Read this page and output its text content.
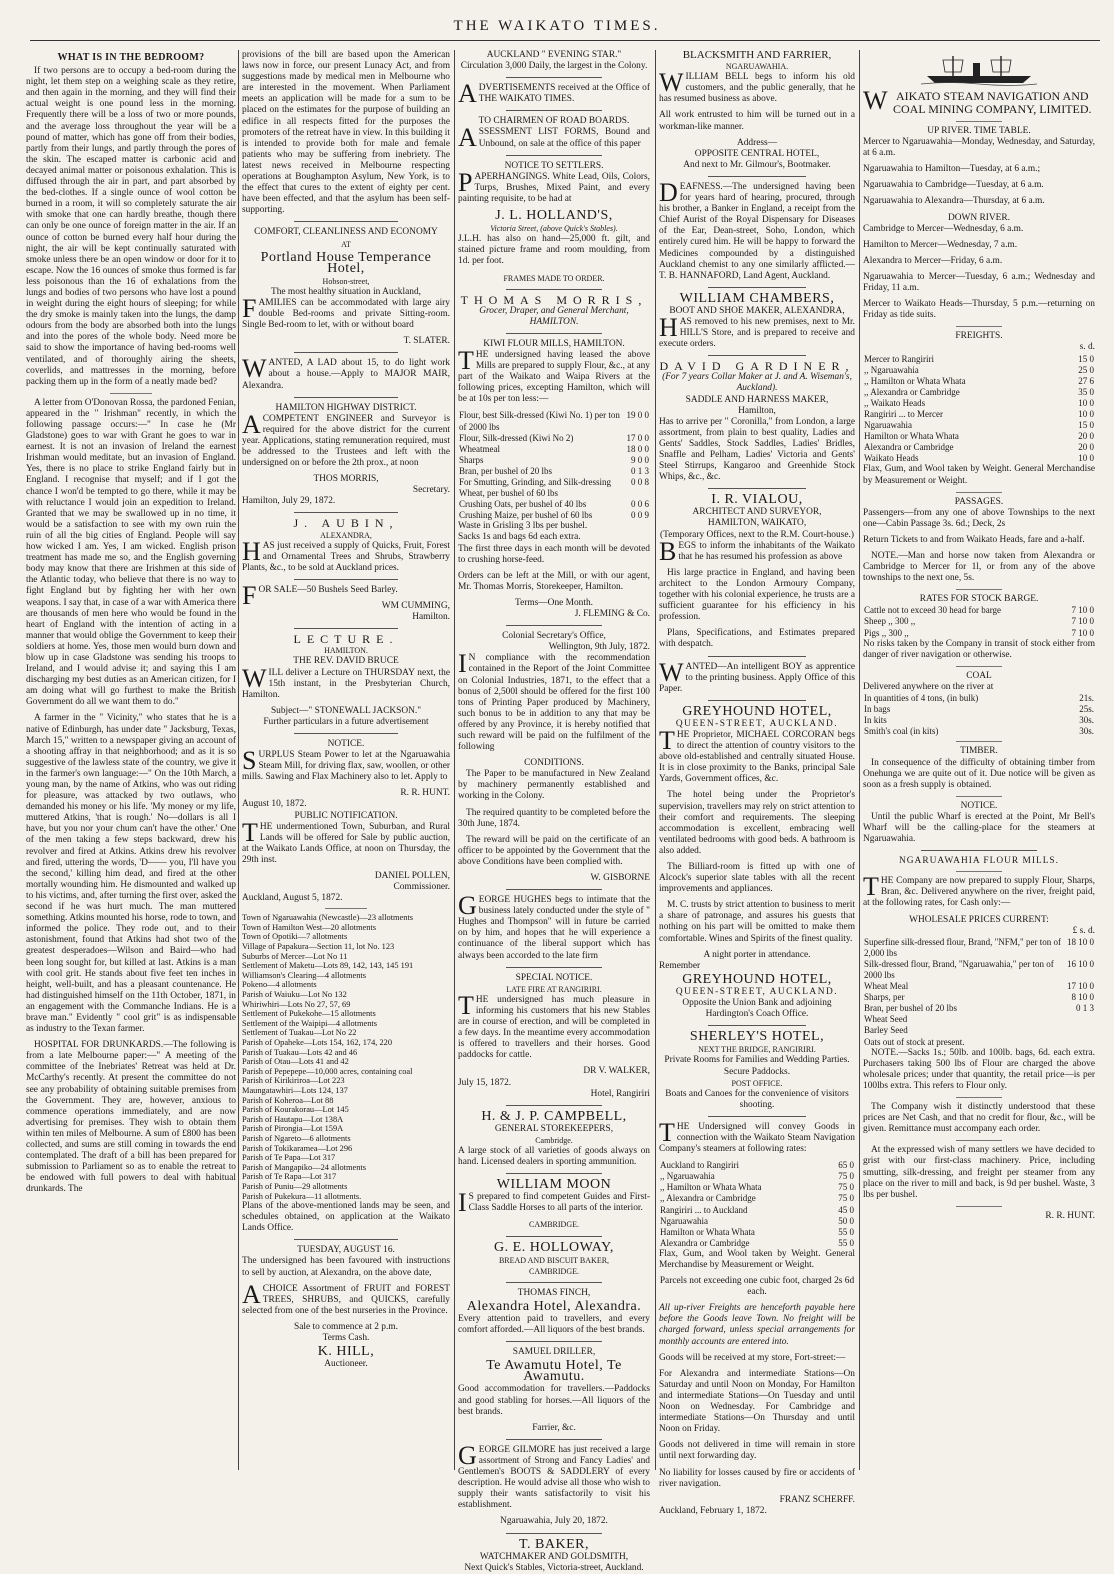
THE WAIKATO TIMES.
WHAT IS IN THE BEDROOM?

If two persons are to occupy a bed-room during the night, let them step on a weighing scale as they retire, and then again in the morning, and they will find their actual weight is one pound less in the morning. Frequently there will be a loss of two or more pounds, and the average loss throughout the year will be a pound of matter, which has gone off from their bodies, partly from their lungs, and partly through the pores of the skin. The escaped matter is carbonic acid and decayed animal matter or poisonous exhalation. This is diffused through the air in part, and part absorbed by the bed-clothes. If a single ounce of wool cotton be burned in a room, it will so completely saturate the air with smoke that one can hardly breathe, though there can only be one ounce of foreign matter in the air. If an ounce of cotton be burned every half hour during the night, the air will be kept continually saturated with smoke unless there be an open window or door for it to escape. Now the 16 ounces of smoke thus formed is far less poisonous than the 16 of exhalations from the lungs and bodies of two persons who have lost a pound in weight during the eight hours of sleeping; for while the dry smoke is mainly taken into the lungs, the damp odours from the body are absorbed both into the lungs and into the pores of the whole body. Need more be said to show the importance of having bed-rooms well ventilated, and of thoroughly airing the sheets, coverlids, and mattresses in the morning, before packing them up in the form of a neatly made bed?

A letter from O'Donovan Rossa, the pardoned Fenian, appeared in the " Irishman" recently, in which the following passage occurs:—" In case he (Mr Gladstone) goes to war with Grant he goes to war in earnest. It is not an invasion of Ireland the earnest Irishman would meditate, but an invasion of England. Yes, there is no place to strike England fairly but in England. I recognise that myself; and if I got the chance I won'd be tempted to go there, while it may be with reluctance I would join an expedition to Ireland. Granted that we may be swallowed up in no time, it would be a satisfaction to see with my own ruin the ruin of all the big cities of England. People will say how wicked I am. Yes, I am wicked. English prison treatment has made me so, and the English governing body may know that there are Irishmen at this side of the Atlantic today, who believe that there is no way to fight England but by fighting her with her own weapons. I say that, in case of a war with America there are thousands of men here who would be found in the heart of England with the intention of acting in a manner that would oblige the Government to keep their soldiers at home. Yes, those men would burn down and blow up in case Gladstone was sending his troops to Ireland, and I would advise it; and saying this I am discharging my best duties as an American citizen, for I am doing what will go furthest to make the British Government do all we want them to do."

A farmer in the " Vicinity," who states that he is a native of Edinburgh, has under date " Jacksburg, Texas, March 15," written to a newspaper giving an account of a shooting affray in that neighborhood; and as it is so suggestive of the lawless state of the country, we give it in the farmer's own language:—" On the 10th March, a young man, by the name of Atkins, who was out riding for pleasure, was attacked by two outlaws, who demanded his money or his life. 'My money or my life, muttered Atkins, 'that is rough.' No—dollars is all I have, but you nor your chum can't have the other.' One of the men taking a few steps backward, drew his revolver and fired at Atkins. Atkins drew his revolver and fired, uttering the words, 'D—— you, I'll have you the second,' killing him dead, and fired at the other mortally wounding him. He dismounted and walked up to his victims, and, after turning the first over, asked the second if he was hurt much. The man muttered something. Atkins mounted his horse, rode to town, and informed the police. They rode out, and to their astonishment, found that Atkins had shot two of the greatest desperadoes—Wilson and Baird—who had been long sought for, but killed at last. Atkins is a man with cool grit. He stands about five feet ten inches in height, well-built, and has a pleasant countenance. He had distinguished himself on the 11th October, 1871, in an engagement with the Commanche Indians. He is a brave man." Evidently " cool grit" is as indispensable as industry to the Texan farmer.

HOSPITAL FOR DRUNKARDS.—The following is from a late Melbourne paper:—" A meeting of the committee of the Inebriates' Retreat was held at Dr. McCarthy's recently. At present the committee do not see any probability of obtaining suitable premises from the Government. They are, however, anxious to commence operations immediately, and are now advertising for premises. They wish to obtain them within ten miles of Melbourne. A sum of £800 has been collected, and sums are still coming in towards the end contemplated. The draft of a bill has been prepared for submission to Parliament so as to enable the retreat to be endowed with full powers to deal with habitual drunkards. The

provisions of the bill are based upon the American laws now in force, our present Lunacy Act, and from suggestions made by medical men in Melbourne who are interested in the movement. When Parliament meets an application will be made for a sum to be placed on the estimates for the purpose of building an edifice in all respects fitted for the purposes the promoters of the retreat have in view. In this building it is intended to provide both for male and female patients who may be suffering from inebriety. The latest news received in Melbourne respecting operations at Boughampton Asylum, New York, is to the effect that cures to the extent of eighty per cent. have been effected, and that the asylum has been self-supporting.

COMFORT, CLEANLINESS AND ECONOMY
AT
Portland House Temperance Hotel,
Hobson-street,
The most healthy situation in Auckland,

FAMILIES can be accommodated with large airy double Bed-rooms and private Sitting-room. Single Bed-room to let, with or without board

T. SLATER.

WANTED, A LAD about 15, to do light work about a house.—Apply to MAJOR MAIR, Alexandra.

HAMILTON HIGHWAY DISTRICT.

ACOMPETENT ENGINEER and Surveyor is required for the above district for the current year. Applications, stating remuneration required, must be addressed to the Trustees and left with the undersigned on or before the 2th prox., at noon

THOS MORRIS,
Secretary.
Hamilton, July 29, 1872.
J. AUBIN,
ALEXANDRA,

HAS just received a supply of Quicks, Fruit, Forest and Ornamental Trees and Shrubs, Strawberry Plants, &c., to be sold at Auckland prices.

FOR SALE—50 Bushels Seed Barley.

WM CUMMING,
Hamilton.
LECTURE.
HAMILTON.
THE REV. DAVID BRUCE

WILL deliver a Lecture on THURSDAY next, the 15th instant, in the Presbyterian Church, Hamilton.

Subject—" STONEWALL JACKSON."
Further particulars in a future advertisement
NOTICE.

SURPLUS Steam Power to let at the Ngaruawahia Steam Mill, for driving flax, saw, woollen, or other mills. Sawing and Flax Machinery also to let. Apply to

R. R. HUNT.
August 10, 1872.
PUBLIC NOTIFICATION.

THE undermentioned Town, Suburban, and Rural Lands will be offered for Sale by public auction, at the Waikato Lands Office, at noon on Thursday, the 29th inst.

DANIEL POLLEN,
Commissioner.
Auckland, August 5, 1872.
Town of Ngaruawahia (Newcastle)—23 allotments
Town of Hamilton West—20 allotments
Town of Opotiki—7 allotments
Village of Papakura—Section 11, lot No. 123
Suburbs of Mercer—Lot No 11
Settlement of Maketu—Lots 89, 142, 143, 145 191
Williamson's Clearing—4 allotments
Pokeno—4 allotments
Parish of Waiuku—Lot No 132
Whiriwhiri—Lots No 27, 57, 69
Settlement of Pukekohe—15 allotments
Settlement of the Waipipi—4 allotments
Settlement of Tuakau—Lot No 22
Parish of Opaheke—Lots 154, 162, 174, 220
Parish of Tuakau—Lots 42 and 46
Parish of Otau—Lots 41 and 42
Parish of Pepepepe—10,000 acres, containing coal
Parish of Kirikiriroa—Lot 223
Maungatawhiri—Lots 124, 137
Parish of Koheroa—Lot 88
Parish of Kourakorau—Lot 145
Parish of Hautapu—Lot 138A
Parish of Pirongia—Lot 159A
Parish of Ngareto—6 allotments
Parish of Tokikaramea—Lot 296
Parish of Te Papa—Lot 317
Parish of Mangapiko—24 allotments
Parish of Te Rapa—Lot 317
Parish of Puniu—29 allotments
Parish of Pukekura—11 allotments.

Plans of the above-mentioned lands may be seen, and schedules obtained, on application at the Waikato Lands Office.

TUESDAY, AUGUST 16.

The undersigned has been favoured with instructions to sell by auction, at Alexandra, on the above date,

ACHOICE Assortment of FRUIT and FOREST TREES, SHRUBS, and QUICKS, carefully selected from one of the best nurseries in the Province.

Sale to commence at 2 p.m.
Terms Cash.
K. HILL,
Auctioneer.
AUCKLAND " EVENING STAR."
Circulation 3,000 Daily, the largest in the Colony.

ADVERTISEMENTS received at the Office of THE WAIKATO TIMES.

TO CHAIRMEN OF ROAD BOARDS.

ASSESSMENT LIST FORMS, Bound and Unbound, on sale at the office of this paper

NOTICE TO SETTLERS.

PAPERHANGINGS. White Lead, Oils, Colors, Turps, Brushes, Mixed Paint, and every painting requisite, to be had at

J. L. HOLLAND'S,
Victoria Street, (above Quick's Stables).

J.L.H. has also on hand—25,000 ft. gilt, and stained picture frame and room moulding, from 1d. per foot.

FRAMES MADE TO ORDER.
THOMAS MORRIS,
Grocer, Draper, and General Merchant, HAMILTON.
KIWI FLOUR MILLS, HAMILTON.

THE undersigned having leased the above Mills are prepared to supply Flour, &c., at any part of the Waikato and Waipa Rivers at the following prices, excepting Hamilton, which will be at 10s per ton less:—

Flour, best Silk-dressed (Kiwi No. 1) per ton of 2000 lbs	19 0 0
Flour, Silk-dressed (Kiwi No 2)	17 0 0
Wheatmeal	18 0 0
Sharps	9 0 0
Bran, per bushel of 20 lbs	0 1 3
For Smutting, Grinding, and Silk-dressing Wheat, per bushel of 60 lbs	0 0 8
Crushing Oats, per bushel of 40 lbs	0 0 6
Crushing Maize, per bushel of 60 lbs	0 0 9
Waste in Grisling 3 lbs per bushel.
Sacks 1s and bags 6d each extra.

The first three days in each month will be devoted to crushing horse-feed.

Orders can be left at the Mill, or with our agent, Mr. Thomas Morris, Storekeeper, Hamilton.

Terms—One Month.
J. FLEMING & Co.
Colonial Secretary's Office,
Wellington, 9th July, 1872.

IN compliance with the recommendation contained in the Report of the Joint Committee on Colonial Industries, 1871, to the effect that a bonus of 2,500l should be offered for the first 100 tons of Printing Paper produced by Machinery, such bonus to be in addition to any that may be offered by any Province, it is hereby notified that such reward will be paid on the fulfilment of the following

CONDITIONS.

The Paper to be manufactured in New Zealand by machinery permanently established and working in the Colony.

The required quantity to be completed before the 30th June, 1874.

The reward will be paid on the certificate of an officer to be appointed by the Government that the above Conditions have been complied with.

W. GISBORNE

GEORGE HUGHES begs to intimate that the business lately conducted under the style of " Hughes and Thompson" will in future be carried on by him, and hopes that he will experience a continuance of the liberal support which has always been accorded to the late firm

SPECIAL NOTICE.
LATE FIRE AT RANGIRIRI.

THE undersigned has much pleasure in informing his customers that his new Stables are in course of erection, and will be completed in a few days. In the meantime every accommodation is offered to travellers and their horses. Good paddocks for cattle.

DR V. WALKER,
July 15, 1872.
Hotel, Rangiriri
H. & J. P. CAMPBELL,
GENERAL STOREKEEPERS,
Cambridge.

A large stock of all varieties of goods always on hand. Licensed dealers in sporting ammunition.

WILLIAM MOON

IS prepared to find competent Guides and First-Class Saddle Horses to all parts of the interior.

CAMBRIDGE.
G. E. HOLLOWAY,
BREAD AND BISCUIT BAKER,
CAMBRIDGE.
THOMAS FINCH,
Alexandra Hotel, Alexandra.

Every attention paid to travellers, and every comfort afforded.—All liquors of the best brands.

SAMUEL DRILLER,
Te Awamutu Hotel, Te Awamutu.

Good accommodation for travellers.—Paddocks and good stabling for horses.—All liquors of the best brands.

Farrier, &c.

GEORGE GILMORE has just received a large assortment of Strong and Fancy Ladies' and Gentlemen's BOOTS & SADDLERY of every description. He would advise all those who wish to supply their wants satisfactorily to visit his establishment.

Ngaruawahia, July 20, 1872.
T. BAKER,
WATCHMAKER AND GOLDSMITH,
Next Quick's Stables, Victoria-street, Auckland.
BLACKSMITH AND FARRIER,
NGARUAWAHIA.

WILLIAM BELL begs to inform his old customers, and the public generally, that he has resumed business as above.

All work entrusted to him will be turned out in a workman-like manner.

Address—
OPPOSITE CENTRAL HOTEL,
And next to Mr. Gilmour's, Bootmaker.

DEAFNESS.—The undersigned having been for years hard of hearing, procured, through his brother, a Banker in England, a receipt from the Chief Aurist of the Royal Dispensary for Diseases of the Ear, Dean-street, Soho, London, which entirely cured him. He will be happy to forward the Medicines compounded by a distinguished Auckland chemist to any one similarly afflicted.—T. B. HANNAFORD, Land Agent, Auckland.

WILLIAM CHAMBERS,
BOOT AND SHOE MAKER, ALEXANDRA,

HAS removed to his new premises, next to Mr. HILL'S Store, and is prepared to receive and execute orders.

DAVID GARDINER,
(For 7 years Collar Maker at J. and A. Wiseman's, Auckland).
SADDLE AND HARNESS MAKER,
Hamilton,

Has to arrive per " Coronilla," from London, a large assortment, from plain to best quality, Ladies and Gents' Saddles, Stock Saddles, Ladies' Bridles, Snaffle and Pelham, Ladies' Victoria and Gents' Steel Stirrups, Kangaroo and Greenhide Stock Whips, &c., &c.

I. R. VIALOU,
ARCHITECT AND SURVEYOR,
HAMILTON, WAIKATO,
(Temporary Offices, next to the R.M. Court-house.)

BEGS to inform the inhabitants of the Waikato that he has resumed his profession as above

His large practice in England, and having been architect to the London Armoury Company, together with his colonial experience, he trusts are a sufficient guarantee for his efficiency in his profession.

Plans, Specifications, and Estimates prepared with despatch.

WANTED—An intelligent BOY as apprentice to the printing business. Apply Office of this Paper.

GREYHOUND HOTEL,
QUEEN-STREET, AUCKLAND.

THE Proprietor, MICHAEL CORCORAN begs to direct the attention of country visitors to the above old-established and centrally situated House. It is in close proximity to the Banks, principal Sale Yards, Government offices, &c.

The hotel being under the Proprietor's supervision, travellers may rely on strict attention to their comfort and requirements. The sleeping accommodation is excellent, embracing well ventilated bedrooms with good beds. A bathroom is also added.

The Billiard-room is fitted up with one of Alcock's superior slate tables with all the recent improvements and appliances.

M. C. trusts by strict attention to business to merit a share of patronage, and assures his guests that nothing on his part will be omitted to make them comfortable. Wines and Spirits of the finest quality.

A night porter in attendance.
Remember
GREYHOUND HOTEL,
QUEEN-STREET, AUCKLAND.
Opposite the Union Bank and adjoining Hardington's Coach Office.
SHERLEY'S HOTEL,
NEXT THE BRIDGE, RANGIRIRI.
Private Rooms for Families and Wedding Parties.
Secure Paddocks.
POST OFFICE.
Boats and Canoes for the convenience of visitors shooting.

THE Undersigned will convey Goods in connection with the Waikato Steam Navigation Company's steamers at following rates:

Auckland to Rangiriri	65 0
,, Ngaruawahia	75 0
,, Hamilton or Whata Whata	75 0
,, Alexandra or Cambridge	75 0
Rangiriri ... to Auckland	45 0
Ngaruawahia	50 0
Hamilton or Whata Whata	55 0
Alexandra or Cambridge	55 0

Flax, Gum, and Wool taken by Weight. General Merchandise by Measurement or Weight.

Parcels not exceeding one cubic foot, charged 2s 6d each.

All up-river Freights are henceforth payable here before the Goods leave Town. No freight will be charged forward, unless special arrangements for monthly accounts are entered into.

Goods will be received at my store, Fort-street:—

For Alexandra and intermediate Stations—On Saturday and until Noon on Monday, For Hamilton and intermediate Stations—On Tuesday and until Noon on Wednesday. For Cambridge and intermediate Stations—On Thursday and until Noon on Friday.

Goods not delivered in time will remain in store until next forwarding day.

No liability for losses caused by fire or accidents of river navigation.

FRANZ SCHERFF.
Auckland, February 1, 1872.

WAIKATO STEAM NAVIGATION AND COAL MINING COMPANY, LIMITED.

UP RIVER. TIME TABLE.

Mercer to Ngaruawahia—Monday, Wednesday, and Saturday, at 6 a.m.

Ngaruawahia to Hamilton—Tuesday, at 6 a.m.;

Ngaruawahia to Cambridge—Tuesday, at 6 a.m.

Ngaruawahia to Alexandra—Thursday, at 6 a.m.

DOWN RIVER.

Cambridge to Mercer—Wednesday, 6 a.m.

Hamilton to Mercer—Wednesday, 7 a.m.

Alexandra to Mercer—Friday, 6 a.m.

Ngaruawahia to Mercer—Tuesday, 6 a.m.; Wednesday and Friday, 11 a.m.

Mercer to Waikato Heads—Thursday, 5 p.m.—returning on Friday as tide suits.

FREIGHTS.
s. d.
Mercer to Rangiriri	15 0
,, Ngaruawahia	25 0
,, Hamilton or Whata Whata	27 6
,, Alexandra or Cambridge	35 0
,, Waikato Heads	10 0
Rangiriri ... to Mercer	10 0
Ngaruawahia	15 0
Hamilton or Whata Whata	20 0
Alexandra or Cambridge	20 0
Waikato Heads	10 0

Flax, Gum, and Wool taken by Weight. General Merchandise by Measurement or Weight.

PASSAGES.

Passengers—from any one of above Townships to the next one—Cabin Passage 3s. 6d.; Deck, 2s

Return Tickets to and from Waikato Heads, fare and a-half.

NOTE.—Man and horse now taken from Alexandra or Cambridge to Mercer for 1l, or from any of the above townships to the next one, 5s.

RATES FOR STOCK BARGE.
Cattle not to exceed 30 head for barge	7 10 0
Sheep ,, 300 ,,	7 10 0
Pigs ,, 300 ,,	7 10 0

No risks taken by the Company in transit of stock either from danger of river navigation or otherwise.

COAL
Delivered anywhere on the river at
In quantities of 4 tons, (in bulk)	21s.
In bags	25s.
In kits	30s.
Smith's coal (in kits)	30s.
TIMBER.

In consequence of the difficulty of obtaining timber from Onehunga we are quite out of it. Due notice will be given as soon as a fresh supply is obtained.

NOTICE.

Until the public Wharf is erected at the Point, Mr Bell's Wharf will be the calling-place for the steamers at Ngaruawahia.

NGARUAWAHIA FLOUR MILLS.

THE Company are now prepared to supply Flour, Sharps, Bran, &c. Delivered anywhere on the river, freight paid, at the following rates, for Cash only:—

WHOLESALE PRICES CURRENT:
£ s. d.
Superfine silk-dressed flour, Brand, "NFM," per ton of 2,000 lbs	18 10 0
Silk-dressed flour, Brand, "Ngaruawahia," per ton of 2000 lbs	16 10 0
Wheat Meal	17 10 0
Sharps, per	8 10 0
Bran, per bushel of 20 lbs	0 1 3
Wheat Seed	
Barley Seed	
Oats out of stock at present.	

NOTE.—Sacks 1s.; 50lb. and 100lb. bags, 6d. each extra. Purchasers taking 500 lbs of Flour are charged the above wholesale prices; under that quantity, the retail price—is per 100lbs extra. This refers to Flour only.

The Company wish it distinctly understood that these prices are Net Cash, and that no credit for flour, &c., will be given. Remittance must accompany each order.

At the expressed wish of many settlers we have decided to grist with our first-class machinery. Price, including smutting, silk-dressing, and freight per steamer from any place on the river to mill and back, is 9d per bushel. Waste, 3 lbs per bushel.

R. R. HUNT.
